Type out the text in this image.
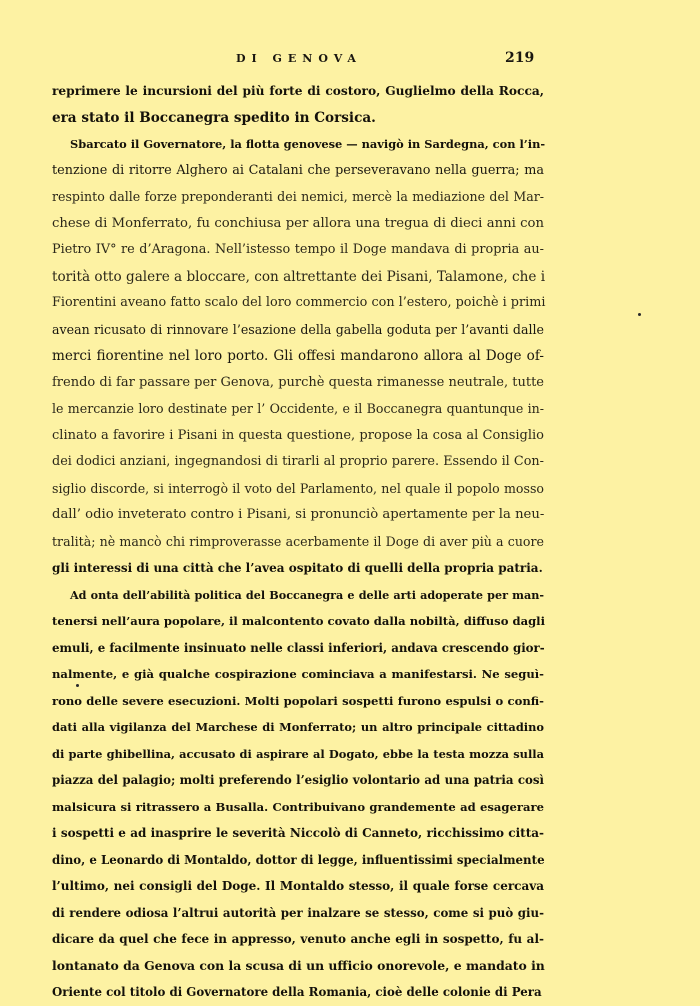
DI GENOVA	219
reprimere le incursioni del più forte di costoro, Guglielmo della Rocca,
era stato il Boccanegra spedito in Corsica.
Sbarcato il Governatore, la flotta genovese — navigò in Sardegna, con l’in-
tenzione di ritorre Alghero ai Catalani che perseveravano nella guerra; ma
respinto dalle forze preponderanti dei nemici, mercè la mediazione del Mar-
chese di Monferrato, fu conchiusa per allora una tregua di dieci anni con
Pietro IV° re d’Aragona. Nell’istesso tempo il Doge mandava di propria au-
torità otto galere a bloccare, con altrettante dei Pisani, Talamone, che i
Fiorentini aveano fatto scalo del loro commercio con l’estero, poichè i primi
avean ricusato di rinnovare l’esazione della gabella goduta per l’avanti dalle
merci fiorentine nel loro porto. Gli offesi mandarono allora al Doge of-
frendo di far passare per Genova, purchè questa rimanesse neutrale, tutte
le mercanzie loro destinate per l’ Occidente, e il Boccanegra quantunque in-
clinato a favorire i Pisani in questa questione, propose la cosa al Consiglio
dei dodici anziani, ingegnandosi di tirarli al proprio parere. Essendo il Con-
siglio discorde, si interrogò il voto del Parlamento, nel quale il popolo mosso
dall’ odio inveterato contro i Pisani, si pronunciò apertamente per la neu-
tralità; nè mancò chi rimproverasse acerbamente il Doge di aver più a cuore
gli interessi di una città che l’avea ospitato di quelli della propria patria.
Ad onta dell’abilità politica del Boccanegra e delle arti adoperate per man-
tenersi nell’aura popolare, il malcontento covato dalla nobiltà, diffuso dagli
emuli, e facilmente insinuato nelle classi inferiori, andava crescendo gior-
nalmente, e già qualche cospirazione cominciava a manifestarsi. Ne seguì-
rono delle severe esecuzioni. Molti popolari sospetti furono espulsi o confi-
dati alla vigilanza del Marchese di Monferrato; un altro principale cittadino
di parte ghibellina, accusato di aspirare al Dogato, ebbe la testa mozza sulla
piazza del palagio; molti preferendo l’esiglio volontario ad una patria così
malsicura si ritrassero a Busalla. Contribuivano grandemente ad esagerare
i sospetti e ad inasprire le severità Niccolò di Canneto, ricchissimo citta-
dino, e Leonardo di Montaldo, dottor di legge, influentissimi specialmente
l’ultimo, nei consigli del Doge. Il Montaldo stesso, il quale forse cercava
di rendere odiosa l’altrui autorità per inalzare se stesso, come si può giu-
dicare da quel che fece in appresso, venuto anche egli in sospetto, fu al-
lontanato da Genova con la scusa di un ufficio onorevole, e mandato in
Oriente col titolo di Governatore della Romania, cioè delle colonie di Pera
